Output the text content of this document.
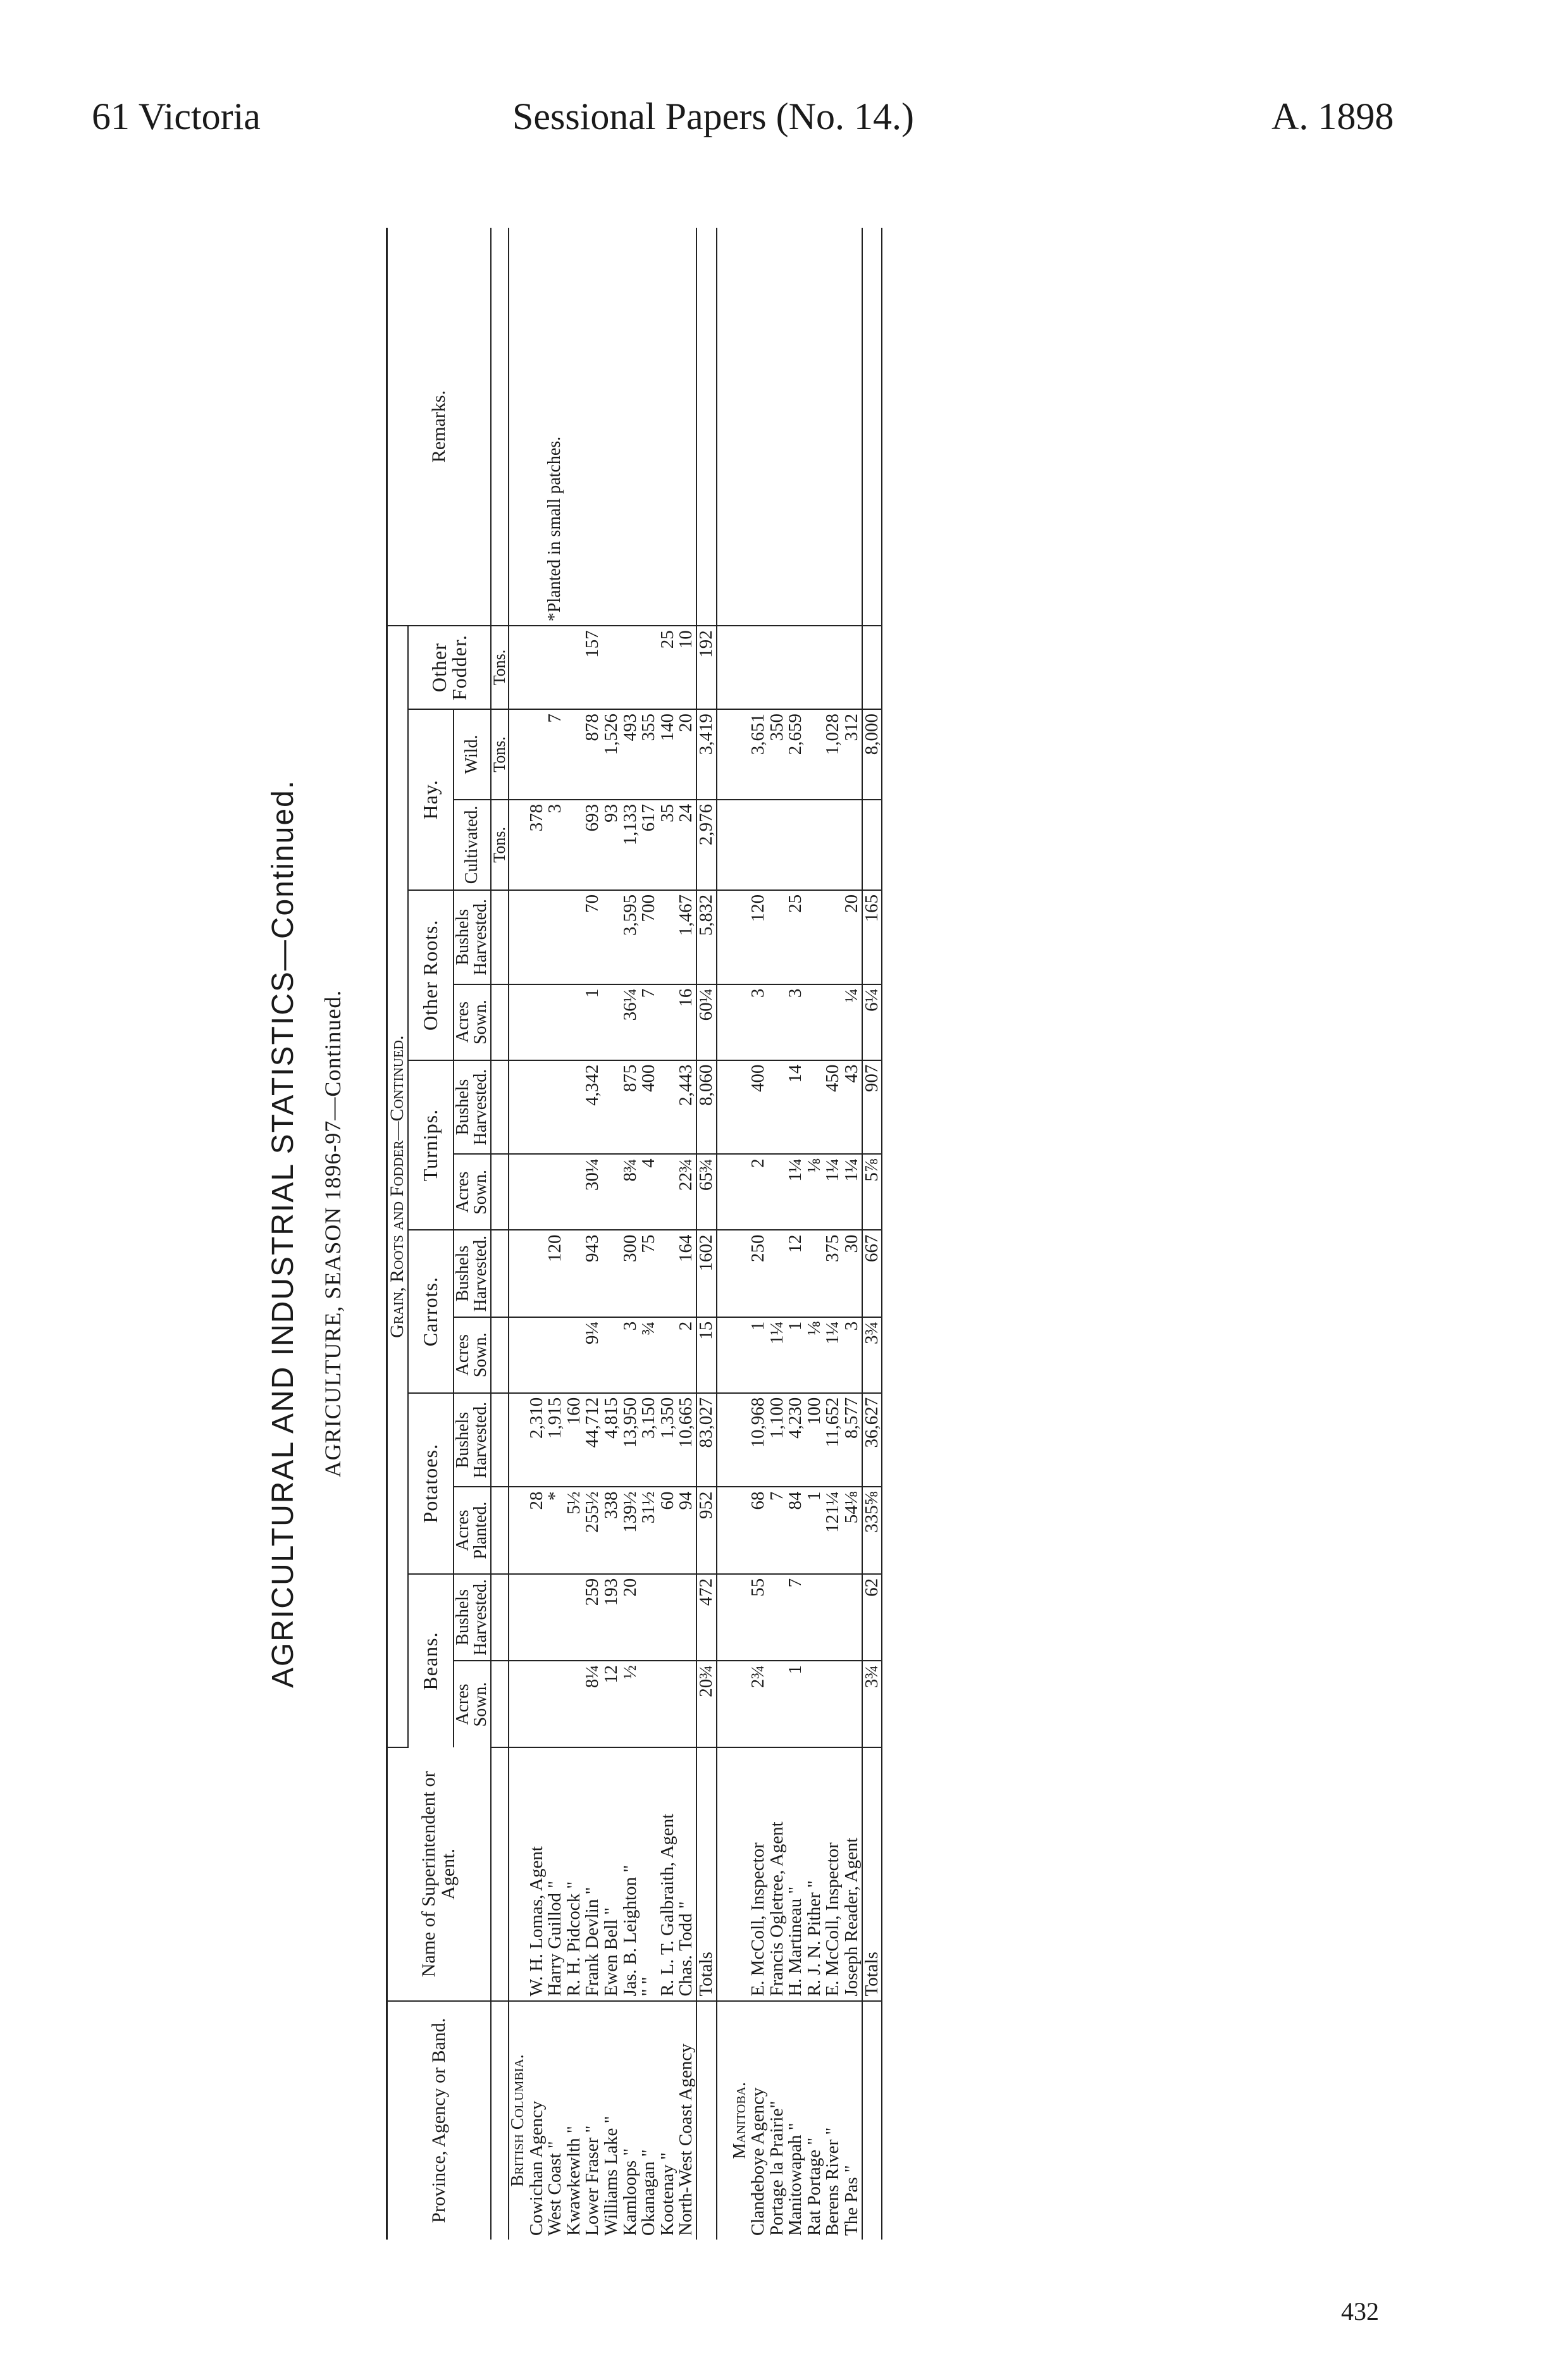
61 Victoria	Sessional Papers (No. 14.)	A. 1898
AGRICULTURAL AND INDUSTRIAL STATISTICS—Continued. AGRICULTURE, SEASON 1896-97—Continued.
Province, Agency or Band.	Name of Superintendent or Agent.	Grain, Roots and Fodder—Continued.													Remarks.
		Beans.		Potatoes.		Carrots.		Turnips.		Other Roots.		Hay.		Other Fodder.	
		Acres Sown.	Bushels Harvested.	Acres Planted.	Bushels Harvested.	Acres Sown.	Bushels Harvested.	Acres Sown.	Bushels Harvested.	Acres Sown.	Bushels Harvested.	Cultivated.	Wild.		
												Tons.	Tons.	Tons.	
British Columbia.															
Cowichan Agency	W. H. Lomas, Agent			28	2,310							378			
West Coast "	Harry Guillod "			*	1,915		120					3	7		*Planted in small patches.
Kwawkewlth "	R. H. Pidcock "			5½	160										
Lower Fraser "	Frank Devlin "	8¼	259	255½	44,712	9¼	943	30¼	4,342	1	70	693	878	157	
Williams Lake "	Ewen Bell "	12	193	338	4,815							93	1,526		
Kamloops "	Jas. B. Leighton "	½	20	139½	13,950	3	300	8¾	875	36¼	3,595	1,133	493		
Okanagan "	" "			31½	3,150	¾	75	4	400	7	700	617	355		
Kootenay "	R. L. T. Galbraith, Agent			60	1,350							35	140	25	
North-West Coast Agency	Chas. Todd "			94	10,665	2	164	22¾	2,443	16	1,467	24	20	10	
	Totals	20¾	472	952	83,027	15	1602	65¾	8,060	60¼	5,832	2,976	3,419	192	

Manitoba.															
Clandeboye Agency	E. McColl, Inspector	2¾	55	68	10,968	1	250	2	400	3	120		3,651		
Portage la Prairie"	Francis Ogletree, Agent			7	1,100	1¼							350		
Manitowapah "	H. Martineau "	1	7	84	4,230	1	12	1¼	14	3	25		2,659		
Rat Portage "	R. J. N. Pither "			1	100	⅛		⅛							
Berens River "	E. McColl, Inspector			121¼	11,652	1¼	375	1¼	450				1,028		
The Pas "	Joseph Reader, Agent			54⅛	8,577	3	30	1¼	43	¼	20		312		
	Totals	3¾	62	335⅝	36,627	3¾	667	5⅞	907	6¼	165		8,000		
432
